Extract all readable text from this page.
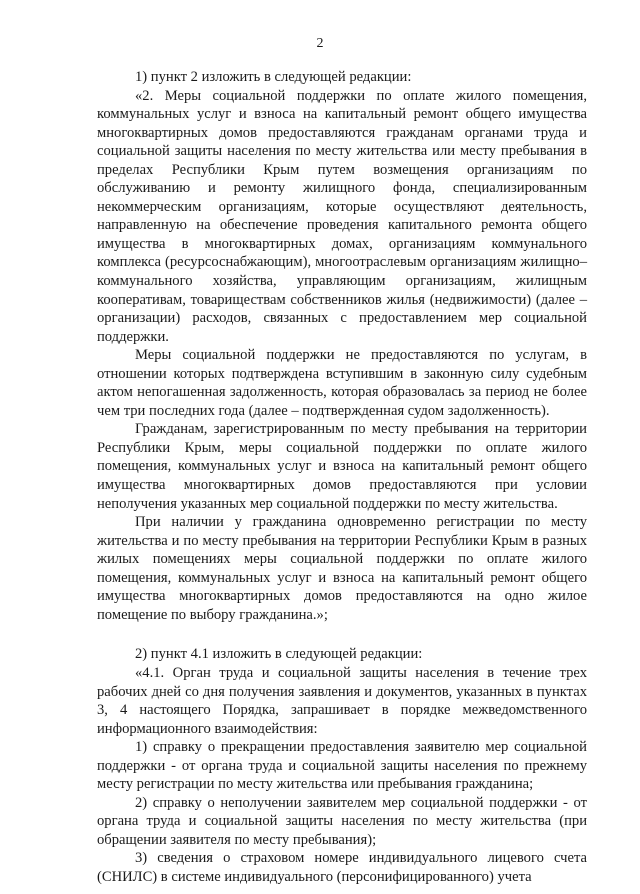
2

1) пункт 2 изложить в следующей редакции:

«2. Меры социальной поддержки по оплате жилого помещения, коммунальных услуг и взноса на капитальный ремонт общего имущества многоквартирных домов предоставляются гражданам органами труда и социальной защиты населения по месту жительства или месту пребывания в пределах Республики Крым путем возмещения организациям по обслуживанию и ремонту жилищного фонда, специализированным некоммерческим организациям, которые осуществляют деятельность, направленную на обеспечение проведения капитального ремонта общего имущества в многоквартирных домах, организациям коммунального комплекса (ресурсоснабжающим), многоотраслевым организациям жилищно–коммунального хозяйства, управляющим организациям, жилищным кооперативам, товариществам собственников жилья (недвижимости) (далее – организации) расходов, связанных с предоставлением мер социальной поддержки.

Меры социальной поддержки не предоставляются по услугам, в отношении которых подтверждена вступившим в законную силу судебным актом непогашенная задолженность, которая образовалась за период не более чем три последних года (далее – подтвержденная судом задолженность).

Гражданам, зарегистрированным по месту пребывания на территории Республики Крым, меры социальной поддержки по оплате жилого помещения, коммунальных услуг и взноса на капитальный ремонт общего имущества многоквартирных домов предоставляются при условии неполучения указанных мер социальной поддержки по месту жительства.

При наличии у гражданина одновременно регистрации по месту жительства и по месту пребывания на территории Республики Крым в разных жилых помещениях меры социальной поддержки по оплате жилого помещения, коммунальных услуг и взноса на капитальный ремонт общего имущества многоквартирных домов предоставляются на одно жилое помещение по выбору гражданина.»;

2) пункт 4.1 изложить в следующей редакции:

«4.1. Орган труда и социальной защиты населения в течение трех рабочих дней со дня получения заявления и документов, указанных в пунктах 3, 4 настоящего Порядка, запрашивает в порядке межведомственного информационного взаимодействия:

1) справку о прекращении предоставления заявителю мер социальной поддержки - от органа труда и социальной защиты населения по прежнему месту регистрации по месту жительства или пребывания гражданина;

2) справку о неполучении заявителем мер социальной поддержки - от органа труда и социальной защиты населения по месту жительства (при обращении заявителя по месту пребывания);

3) сведения о страховом номере индивидуального лицевого счета (СНИЛС) в системе индивидуального (персонифицированного) учета
